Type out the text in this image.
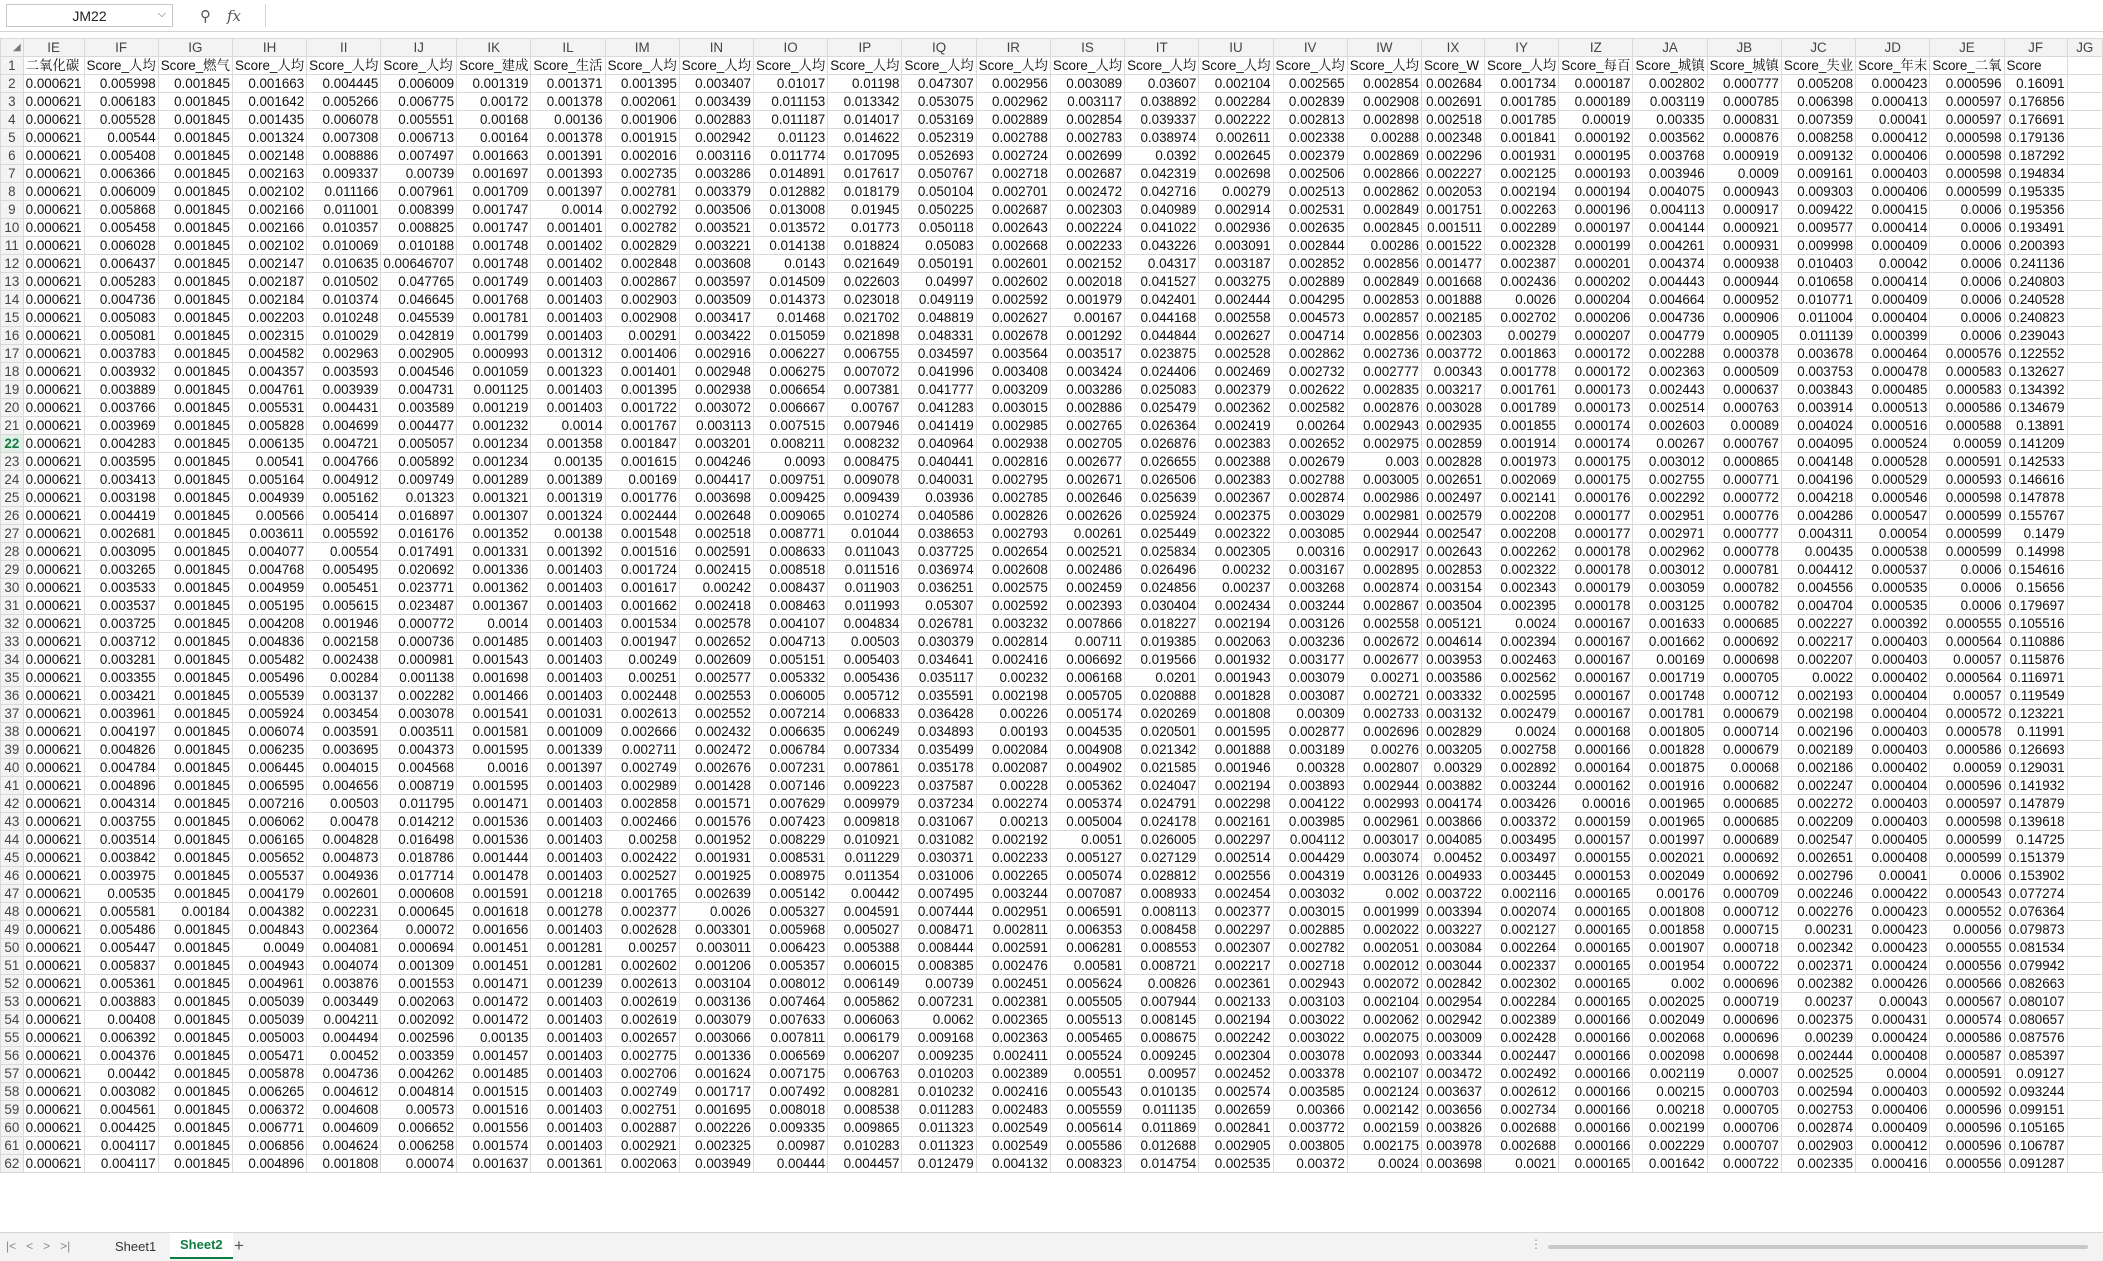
JM22	⌵ ⚲ fx
◢	IE	IF	IG	IH	II	IJ	IK	IL	IM	IN	IO	IP	IQ	IR	IS	IT	IU	IV	IW	IX	IY	IZ	JA	JB	JC	JD	JE	JF	JG
1	二氧化碳	Score_人均	Score_燃气	Score_人均	Score_人均	Score_人均	Score_建成	Score_生活	Score_人均	Score_人均	Score_人均	Score_人均	Score_人均	Score_人均	Score_人均	Score_人均	Score_人均	Score_人均	Score_人均	Score_W	Score_人均	Score_每百	Score_城镇	Score_城镇	Score_失业	Score_年末	Score_二氧	Score	
2	0.000621	0.005998	0.001845	0.001663	0.004445	0.006009	0.001319	0.001371	0.001395	0.003407	0.01017	0.01198	0.047307	0.002956	0.003089	0.03607	0.002104	0.002565	0.002854	0.002684	0.001734	0.000187	0.002802	0.000777	0.005208	0.000423	0.000596	0.16091	
3	0.000621	0.006183	0.001845	0.001642	0.005266	0.006775	0.00172	0.001378	0.002061	0.003439	0.011153	0.013342	0.053075	0.002962	0.003117	0.038892	0.002284	0.002839	0.002908	0.002691	0.001785	0.000189	0.003119	0.000785	0.006398	0.000413	0.000597	0.176856	
4	0.000621	0.005528	0.001845	0.001435	0.006078	0.005551	0.00168	0.00136	0.001906	0.002883	0.011187	0.014017	0.053169	0.002889	0.002854	0.039337	0.002222	0.002813	0.002898	0.002518	0.001785	0.00019	0.00335	0.000831	0.007359	0.00041	0.000597	0.176691	
5	0.000621	0.00544	0.001845	0.001324	0.007308	0.006713	0.00164	0.001378	0.001915	0.002942	0.01123	0.014622	0.052319	0.002788	0.002783	0.038974	0.002611	0.002338	0.00288	0.002348	0.001841	0.000192	0.003562	0.000876	0.008258	0.000412	0.000598	0.179136	
6	0.000621	0.005408	0.001845	0.002148	0.008886	0.007497	0.001663	0.001391	0.002016	0.003116	0.011774	0.017095	0.052693	0.002724	0.002699	0.0392	0.002645	0.002379	0.002869	0.002296	0.001931	0.000195	0.003768	0.000919	0.009132	0.000406	0.000598	0.187292	
7	0.000621	0.006366	0.001845	0.002163	0.009337	0.00739	0.001697	0.001393	0.002735	0.003286	0.014891	0.017617	0.050767	0.002718	0.002687	0.042319	0.002698	0.002506	0.002866	0.002227	0.002125	0.000193	0.003946	0.0009	0.009161	0.000403	0.000598	0.194834	
8	0.000621	0.006009	0.001845	0.002102	0.011166	0.007961	0.001709	0.001397	0.002781	0.003379	0.012882	0.018179	0.050104	0.002701	0.002472	0.042716	0.00279	0.002513	0.002862	0.002053	0.002194	0.000194	0.004075	0.000943	0.009303	0.000406	0.000599	0.195335	
9	0.000621	0.005868	0.001845	0.002166	0.011001	0.008399	0.001747	0.0014	0.002792	0.003506	0.013008	0.01945	0.050225	0.002687	0.002303	0.040989	0.002914	0.002531	0.002849	0.001751	0.002263	0.000196	0.004113	0.000917	0.009422	0.000415	0.0006	0.195356	
10	0.000621	0.005458	0.001845	0.002166	0.010357	0.008825	0.001747	0.001401	0.002782	0.003521	0.013572	0.01773	0.050118	0.002643	0.002224	0.041022	0.002936	0.002635	0.002845	0.001511	0.002289	0.000197	0.004144	0.000921	0.009577	0.000414	0.0006	0.193491	
11	0.000621	0.006028	0.001845	0.002102	0.010069	0.010188	0.001748	0.001402	0.002829	0.003221	0.014138	0.018824	0.05083	0.002668	0.002233	0.043226	0.003091	0.002844	0.00286	0.001522	0.002328	0.000199	0.004261	0.000931	0.009998	0.000409	0.0006	0.200393	
12	0.000621	0.006437	0.001845	0.002147	0.010635	0.00646707	0.001748	0.001402	0.002848	0.003608	0.0143	0.021649	0.050191	0.002601	0.002152	0.04317	0.003187	0.002852	0.002856	0.001477	0.002387	0.000201	0.004374	0.000938	0.010403	0.00042	0.0006	0.241136	
13	0.000621	0.005283	0.001845	0.002187	0.010502	0.047765	0.001749	0.001403	0.002867	0.003597	0.014509	0.022603	0.04997	0.002602	0.002018	0.041527	0.003275	0.002889	0.002849	0.001668	0.002436	0.000202	0.004443	0.000944	0.010658	0.000414	0.0006	0.240803	
14	0.000621	0.004736	0.001845	0.002184	0.010374	0.046645	0.001768	0.001403	0.002903	0.003509	0.014373	0.023018	0.049119	0.002592	0.001979	0.042401	0.002444	0.004295	0.002853	0.001888	0.0026	0.000204	0.004664	0.000952	0.010771	0.000409	0.0006	0.240528	
15	0.000621	0.005083	0.001845	0.002203	0.010248	0.045539	0.001781	0.001403	0.002908	0.003417	0.01468	0.021702	0.048819	0.002627	0.00167	0.044168	0.002558	0.004573	0.002857	0.002185	0.002702	0.000206	0.004736	0.000906	0.011004	0.000404	0.0006	0.240823	
16	0.000621	0.005081	0.001845	0.002315	0.010029	0.042819	0.001799	0.001403	0.00291	0.003422	0.015059	0.021898	0.048331	0.002678	0.001292	0.044844	0.002627	0.004714	0.002856	0.002303	0.00279	0.000207	0.004779	0.000905	0.011139	0.000399	0.0006	0.239043	
17	0.000621	0.003783	0.001845	0.004582	0.002963	0.002905	0.000993	0.001312	0.001406	0.002916	0.006227	0.006755	0.034597	0.003564	0.003517	0.023875	0.002528	0.002862	0.002736	0.003772	0.001863	0.000172	0.002288	0.000378	0.003678	0.000464	0.000576	0.122552	
18	0.000621	0.003932	0.001845	0.004357	0.003593	0.004546	0.001059	0.001323	0.001401	0.002948	0.006275	0.007072	0.041996	0.003408	0.003424	0.024406	0.002469	0.002732	0.002777	0.00343	0.001778	0.000172	0.002363	0.000509	0.003753	0.000478	0.000583	0.132627	
19	0.000621	0.003889	0.001845	0.004761	0.003939	0.004731	0.001125	0.001403	0.001395	0.002938	0.006654	0.007381	0.041777	0.003209	0.003286	0.025083	0.002379	0.002622	0.002835	0.003217	0.001761	0.000173	0.002443	0.000637	0.003843	0.000485	0.000583	0.134392	
20	0.000621	0.003766	0.001845	0.005531	0.004431	0.003589	0.001219	0.001403	0.001722	0.003072	0.006667	0.00767	0.041283	0.003015	0.002886	0.025479	0.002362	0.002582	0.002876	0.003028	0.001789	0.000173	0.002514	0.000763	0.003914	0.000513	0.000586	0.134679	
21	0.000621	0.003969	0.001845	0.005828	0.004699	0.004477	0.001232	0.0014	0.001767	0.003113	0.007515	0.007946	0.041419	0.002985	0.002765	0.026364	0.002419	0.00264	0.002943	0.002935	0.001855	0.000174	0.002603	0.00089	0.004024	0.000516	0.000588	0.13891	
22	0.000621	0.004283	0.001845	0.006135	0.004721	0.005057	0.001234	0.001358	0.001847	0.003201	0.008211	0.008232	0.040964	0.002938	0.002705	0.026876	0.002383	0.002652	0.002975	0.002859	0.001914	0.000174	0.00267	0.000767	0.004095	0.000524	0.00059	0.141209	
23	0.000621	0.003595	0.001845	0.00541	0.004766	0.005892	0.001234	0.00135	0.001615	0.004246	0.0093	0.008475	0.040441	0.002816	0.002677	0.026655	0.002388	0.002679	0.003	0.002828	0.001973	0.000175	0.003012	0.000865	0.004148	0.000528	0.000591	0.142533	
24	0.000621	0.003413	0.001845	0.005164	0.004912	0.009749	0.001289	0.001389	0.00169	0.004417	0.009751	0.009078	0.040031	0.002795	0.002671	0.026506	0.002383	0.002788	0.003005	0.002651	0.002069	0.000175	0.002755	0.000771	0.004196	0.000529	0.000593	0.146616	
25	0.000621	0.003198	0.001845	0.004939	0.005162	0.01323	0.001321	0.001319	0.001776	0.003698	0.009425	0.009439	0.03936	0.002785	0.002646	0.025639	0.002367	0.002874	0.002986	0.002497	0.002141	0.000176	0.002292	0.000772	0.004218	0.000546	0.000598	0.147878	
26	0.000621	0.004419	0.001845	0.00566	0.005414	0.016897	0.001307	0.001324	0.002444	0.002648	0.009065	0.010274	0.040586	0.002826	0.002626	0.025924	0.002375	0.003029	0.002981	0.002579	0.002208	0.000177	0.002951	0.000776	0.004286	0.000547	0.000599	0.155767	
27	0.000621	0.002681	0.001845	0.003611	0.005592	0.016176	0.001352	0.00138	0.001548	0.002518	0.008771	0.01044	0.038653	0.002793	0.00261	0.025449	0.002322	0.003085	0.002944	0.002547	0.002208	0.000177	0.002971	0.000777	0.004311	0.00054	0.000599	0.1479	
28	0.000621	0.003095	0.001845	0.004077	0.00554	0.017491	0.001331	0.001392	0.001516	0.002591	0.008633	0.011043	0.037725	0.002654	0.002521	0.025834	0.002305	0.00316	0.002917	0.002643	0.002262	0.000178	0.002962	0.000778	0.00435	0.000538	0.000599	0.14998	
29	0.000621	0.003265	0.001845	0.004768	0.005495	0.020692	0.001336	0.001403	0.001724	0.002415	0.008518	0.011516	0.036974	0.002608	0.002486	0.026496	0.00232	0.003167	0.002895	0.002853	0.002322	0.000178	0.003012	0.000781	0.004412	0.000537	0.0006	0.154616	
30	0.000621	0.003533	0.001845	0.004959	0.005451	0.023771	0.001362	0.001403	0.001617	0.00242	0.008437	0.011903	0.036251	0.002575	0.002459	0.024856	0.00237	0.003268	0.002874	0.003154	0.002343	0.000179	0.003059	0.000782	0.004556	0.000535	0.0006	0.15656	
31	0.000621	0.003537	0.001845	0.005195	0.005615	0.023487	0.001367	0.001403	0.001662	0.002418	0.008463	0.011993	0.05307	0.002592	0.002393	0.030404	0.002434	0.003244	0.002867	0.003504	0.002395	0.000178	0.003125	0.000782	0.004704	0.000535	0.0006	0.179697	
32	0.000621	0.003725	0.001845	0.004208	0.001946	0.000772	0.0014	0.001403	0.001534	0.002578	0.004107	0.004834	0.026781	0.003232	0.007866	0.018227	0.002194	0.003126	0.002558	0.005121	0.0024	0.000167	0.001633	0.000685	0.002227	0.000392	0.000555	0.105516	
33	0.000621	0.003712	0.001845	0.004836	0.002158	0.000736	0.001485	0.001403	0.001947	0.002652	0.004713	0.00503	0.030379	0.002814	0.00711	0.019385	0.002063	0.003236	0.002672	0.004614	0.002394	0.000167	0.001662	0.000692	0.002217	0.000403	0.000564	0.110886	
34	0.000621	0.003281	0.001845	0.005482	0.002438	0.000981	0.001543	0.001403	0.00249	0.002609	0.005151	0.005403	0.034641	0.002416	0.006692	0.019566	0.001932	0.003177	0.002677	0.003953	0.002463	0.000167	0.00169	0.000698	0.002207	0.000403	0.00057	0.115876	
35	0.000621	0.003355	0.001845	0.005496	0.00284	0.001138	0.001698	0.001403	0.00251	0.002577	0.005332	0.005436	0.035117	0.00232	0.006168	0.0201	0.001943	0.003079	0.00271	0.003586	0.002562	0.000167	0.001719	0.000705	0.0022	0.000402	0.000564	0.116971	
36	0.000621	0.003421	0.001845	0.005539	0.003137	0.002282	0.001466	0.001403	0.002448	0.002553	0.006005	0.005712	0.035591	0.002198	0.005705	0.020888	0.001828	0.003087	0.002721	0.003332	0.002595	0.000167	0.001748	0.000712	0.002193	0.000404	0.00057	0.119549	
37	0.000621	0.003961	0.001845	0.005924	0.003454	0.003078	0.001541	0.001031	0.002613	0.002552	0.007214	0.006833	0.036428	0.00226	0.005174	0.020269	0.001808	0.00309	0.002733	0.003132	0.002479	0.000167	0.001781	0.000679	0.002198	0.000404	0.000572	0.123221	
38	0.000621	0.004197	0.001845	0.006074	0.003591	0.003511	0.001581	0.001009	0.002666	0.002432	0.006635	0.006249	0.034893	0.00193	0.004535	0.020501	0.001595	0.002877	0.002696	0.002829	0.0024	0.000168	0.001805	0.000714	0.002196	0.000403	0.000578	0.11991	
39	0.000621	0.004826	0.001845	0.006235	0.003695	0.004373	0.001595	0.001339	0.002711	0.002472	0.006784	0.007334	0.035499	0.002084	0.004908	0.021342	0.001888	0.003189	0.00276	0.003205	0.002758	0.000166	0.001828	0.000679	0.002189	0.000403	0.000586	0.126693	
40	0.000621	0.004784	0.001845	0.006445	0.004015	0.004568	0.0016	0.001397	0.002749	0.002676	0.007231	0.007861	0.035178	0.002087	0.004902	0.021585	0.001946	0.00328	0.002807	0.00329	0.002892	0.000164	0.001875	0.00068	0.002186	0.000402	0.00059	0.129031	
41	0.000621	0.004896	0.001845	0.006595	0.004656	0.008719	0.001595	0.001403	0.002989	0.001428	0.007146	0.009223	0.037587	0.00228	0.005362	0.024047	0.002194	0.003893	0.002944	0.003882	0.003244	0.000162	0.001916	0.000682	0.002247	0.000404	0.000596	0.141932	
42	0.000621	0.004314	0.001845	0.007216	0.00503	0.011795	0.001471	0.001403	0.002858	0.001571	0.007629	0.009979	0.037234	0.002274	0.005374	0.024791	0.002298	0.004122	0.002993	0.004174	0.003426	0.00016	0.001965	0.000685	0.002272	0.000403	0.000597	0.147879	
43	0.000621	0.003755	0.001845	0.006062	0.00478	0.014212	0.001536	0.001403	0.002466	0.001576	0.007423	0.009818	0.031067	0.00213	0.005004	0.024178	0.002161	0.003985	0.002961	0.003866	0.003372	0.000159	0.001965	0.000685	0.002209	0.000403	0.000598	0.139618	
44	0.000621	0.003514	0.001845	0.006165	0.004828	0.016498	0.001536	0.001403	0.00258	0.001952	0.008229	0.010921	0.031082	0.002192	0.0051	0.026005	0.002297	0.004112	0.003017	0.004085	0.003495	0.000157	0.001997	0.000689	0.002547	0.000405	0.000599	0.14725	
45	0.000621	0.003842	0.001845	0.005652	0.004873	0.018786	0.001444	0.001403	0.002422	0.001931	0.008531	0.011229	0.030371	0.002233	0.005127	0.027129	0.002514	0.004429	0.003074	0.00452	0.003497	0.000155	0.002021	0.000692	0.002651	0.000408	0.000599	0.151379	
46	0.000621	0.003975	0.001845	0.005537	0.004936	0.017714	0.001478	0.001403	0.002527	0.001925	0.008975	0.011354	0.031006	0.002265	0.005074	0.028812	0.002556	0.004319	0.003126	0.004933	0.003445	0.000153	0.002049	0.000692	0.002796	0.00041	0.0006	0.153902	
47	0.000621	0.00535	0.001845	0.004179	0.002601	0.000608	0.001591	0.001218	0.001765	0.002639	0.005142	0.00442	0.007495	0.003244	0.007087	0.008933	0.002454	0.003032	0.002	0.003722	0.002116	0.000165	0.00176	0.000709	0.002246	0.000422	0.000543	0.077274	
48	0.000621	0.005581	0.00184	0.004382	0.002231	0.000645	0.001618	0.001278	0.002377	0.0026	0.005327	0.004591	0.007444	0.002951	0.006591	0.008113	0.002377	0.003015	0.001999	0.003394	0.002074	0.000165	0.001808	0.000712	0.002276	0.000423	0.000552	0.076364	
49	0.000621	0.005486	0.001845	0.004843	0.002364	0.00072	0.001656	0.001403	0.002628	0.003301	0.005968	0.005027	0.008471	0.002811	0.006353	0.008458	0.002297	0.002885	0.002022	0.003227	0.002127	0.000165	0.001858	0.000715	0.00231	0.000423	0.00056	0.079873	
50	0.000621	0.005447	0.001845	0.0049	0.004081	0.000694	0.001451	0.001281	0.00257	0.003011	0.006423	0.005388	0.008444	0.002591	0.006281	0.008553	0.002307	0.002782	0.002051	0.003084	0.002264	0.000165	0.001907	0.000718	0.002342	0.000423	0.000555	0.081534	
51	0.000621	0.005837	0.001845	0.004943	0.004074	0.001309	0.001451	0.001281	0.002602	0.001206	0.005357	0.006015	0.008385	0.002476	0.00581	0.008721	0.002217	0.002718	0.002012	0.003044	0.002337	0.000165	0.001954	0.000722	0.002371	0.000424	0.000556	0.079942	
52	0.000621	0.005361	0.001845	0.004961	0.003876	0.001553	0.001471	0.001239	0.002613	0.003104	0.008012	0.006149	0.00739	0.002451	0.005624	0.00826	0.002361	0.002943	0.002072	0.002842	0.002302	0.000165	0.002	0.000696	0.002382	0.000426	0.000566	0.082663	
53	0.000621	0.003883	0.001845	0.005039	0.003449	0.002063	0.001472	0.001403	0.002619	0.003136	0.007464	0.005862	0.007231	0.002381	0.005505	0.007944	0.002133	0.003103	0.002104	0.002954	0.002284	0.000165	0.002025	0.000719	0.00237	0.00043	0.000567	0.080107	
54	0.000621	0.00408	0.001845	0.005039	0.004211	0.002092	0.001472	0.001403	0.002619	0.003079	0.007633	0.006063	0.0062	0.002365	0.005513	0.008145	0.002194	0.003022	0.002062	0.002942	0.002389	0.000166	0.002049	0.000696	0.002375	0.000431	0.000574	0.080657	
55	0.000621	0.006392	0.001845	0.005003	0.004494	0.002596	0.00135	0.001403	0.002657	0.003066	0.007811	0.006179	0.009168	0.002363	0.005465	0.008675	0.002242	0.003022	0.002075	0.003009	0.002428	0.000166	0.002068	0.000696	0.00239	0.000424	0.000586	0.087576	
56	0.000621	0.004376	0.001845	0.005471	0.00452	0.003359	0.001457	0.001403	0.002775	0.001336	0.006569	0.006207	0.009235	0.002411	0.005524	0.009245	0.002304	0.003078	0.002093	0.003344	0.002447	0.000166	0.002098	0.000698	0.002444	0.000408	0.000587	0.085397	
57	0.000621	0.00442	0.001845	0.005878	0.004736	0.004262	0.001485	0.001403	0.002706	0.001624	0.007175	0.006763	0.010203	0.002389	0.00551	0.00957	0.002452	0.003378	0.002107	0.003472	0.002492	0.000166	0.002119	0.0007	0.002525	0.0004	0.000591	0.09127	
58	0.000621	0.003082	0.001845	0.006265	0.004612	0.004814	0.001515	0.001403	0.002749	0.001717	0.007492	0.008281	0.010232	0.002416	0.005543	0.010135	0.002574	0.003585	0.002124	0.003637	0.002612	0.000166	0.00215	0.000703	0.002594	0.000403	0.000592	0.093244	
59	0.000621	0.004561	0.001845	0.006372	0.004608	0.00573	0.001516	0.001403	0.002751	0.001695	0.008018	0.008538	0.011283	0.002483	0.005559	0.011135	0.002659	0.00366	0.002142	0.003656	0.002734	0.000166	0.00218	0.000705	0.002753	0.000406	0.000596	0.099151	
60	0.000621	0.004425	0.001845	0.006771	0.004609	0.006652	0.001556	0.001403	0.002887	0.002226	0.009335	0.009865	0.011323	0.002549	0.005614	0.011869	0.002841	0.003772	0.002159	0.003826	0.002688	0.000166	0.002199	0.000706	0.002874	0.000409	0.000596	0.105165	
61	0.000621	0.004117	0.001845	0.006856	0.004624	0.006258	0.001574	0.001403	0.002921	0.002325	0.00987	0.010283	0.011323	0.002549	0.005586	0.012688	0.002905	0.003805	0.002175	0.003978	0.002688	0.000166	0.002229	0.000707	0.002903	0.000412	0.000596	0.106787	
62	0.000621	0.004117	0.001845	0.004896	0.001808	0.00074	0.001637	0.001361	0.002063	0.003949	0.00444	0.004457	0.012479	0.004132	0.008323	0.014754	0.002535	0.00372	0.0024	0.003698	0.0021	0.000165	0.001642	0.000722	0.002335	0.000416	0.000556	0.091287	
|< < > >|	Sheet1	Sheet2 +	⋮
